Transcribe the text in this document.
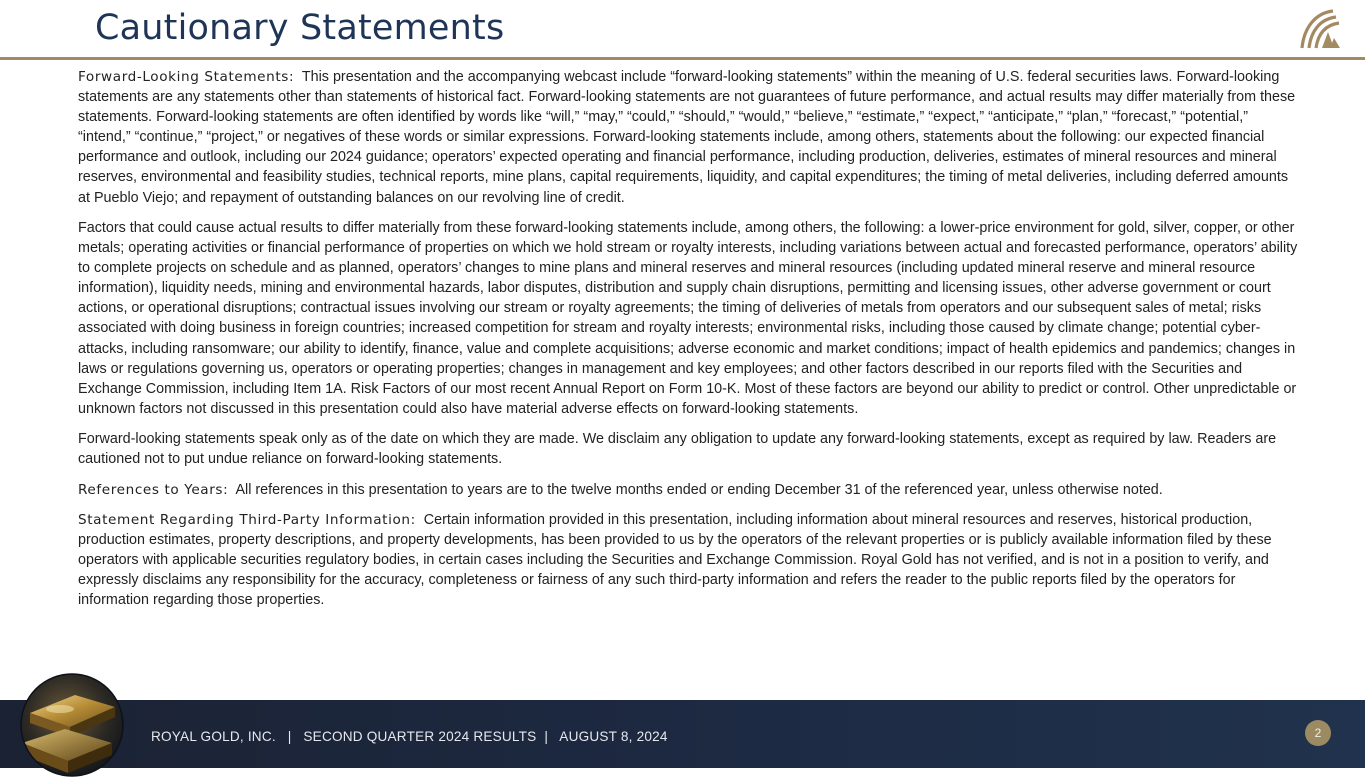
Cautionary Statements

Forward-Looking Statements: This presentation and the accompanying webcast include “forward-looking statements” within the meaning of U.S. federal securities laws. Forward-looking statements are any statements other than statements of historical fact. Forward-looking statements are not guarantees of future performance, and actual results may differ materially from these statements. Forward-looking statements are often identified by words like “will,” “may,” “could,” “should,” “would,” “believe,” “estimate,” “expect,” “anticipate,” “plan,” “forecast,” “potential,” “intend,” “continue,” “project,” or negatives of these words or similar expressions. Forward-looking statements include, among others, statements about the following: our expected financial performance and outlook, including our 2024 guidance; operators’ expected operating and financial performance, including production, deliveries, estimates of mineral resources and mineral reserves, environmental and feasibility studies, technical reports, mine plans, capital requirements, liquidity, and capital expenditures; the timing of metal deliveries, including deferred amounts at Pueblo Viejo; and repayment of outstanding balances on our revolving line of credit.

Factors that could cause actual results to differ materially from these forward-looking statements include, among others, the following: a lower-price environment for gold, silver, copper, or other metals; operating activities or financial performance of properties on which we hold stream or royalty interests, including variations between actual and forecasted performance, operators’ ability to complete projects on schedule and as planned, operators’ changes to mine plans and mineral reserves and mineral resources (including updated mineral reserve and mineral resource information), liquidity needs, mining and environmental hazards, labor disputes, distribution and supply chain disruptions, permitting and licensing issues, other adverse government or court actions, or operational disruptions; contractual issues involving our stream or royalty agreements; the timing of deliveries of metals from operators and our subsequent sales of metal; risks associated with doing business in foreign countries; increased competition for stream and royalty interests; environmental risks, including those caused by climate change; potential cyber-attacks, including ransomware; our ability to identify, finance, value and complete acquisitions; adverse economic and market conditions; impact of health epidemics and pandemics; changes in laws or regulations governing us, operators or operating properties; changes in management and key employees; and other factors described in our reports filed with the Securities and Exchange Commission, including Item 1A. Risk Factors of our most recent Annual Report on Form 10-K. Most of these factors are beyond our ability to predict or control. Other unpredictable or unknown factors not discussed in this presentation could also have material adverse effects on forward-looking statements.

Forward-looking statements speak only as of the date on which they are made. We disclaim any obligation to update any forward-looking statements, except as required by law. Readers are cautioned not to put undue reliance on forward-looking statements.

References to Years: All references in this presentation to years are to the twelve months ended or ending December 31 of the referenced year, unless otherwise noted.

Statement Regarding Third-Party Information: Certain information provided in this presentation, including information about mineral resources and reserves, historical production, production estimates, property descriptions, and property developments, has been provided to us by the operators of the relevant properties or is publicly available information filed by these operators with applicable securities regulatory bodies, in certain cases including the Securities and Exchange Commission. Royal Gold has not verified, and is not in a position to verify, and expressly disclaims any responsibility for the accuracy, completeness or fairness of any such third-party information and refers the reader to the public reports filed by the operators for information regarding those properties.

ROYAL GOLD, INC.   |   SECOND QUARTER 2024 RESULTS  |   AUGUST 8, 2024	2
